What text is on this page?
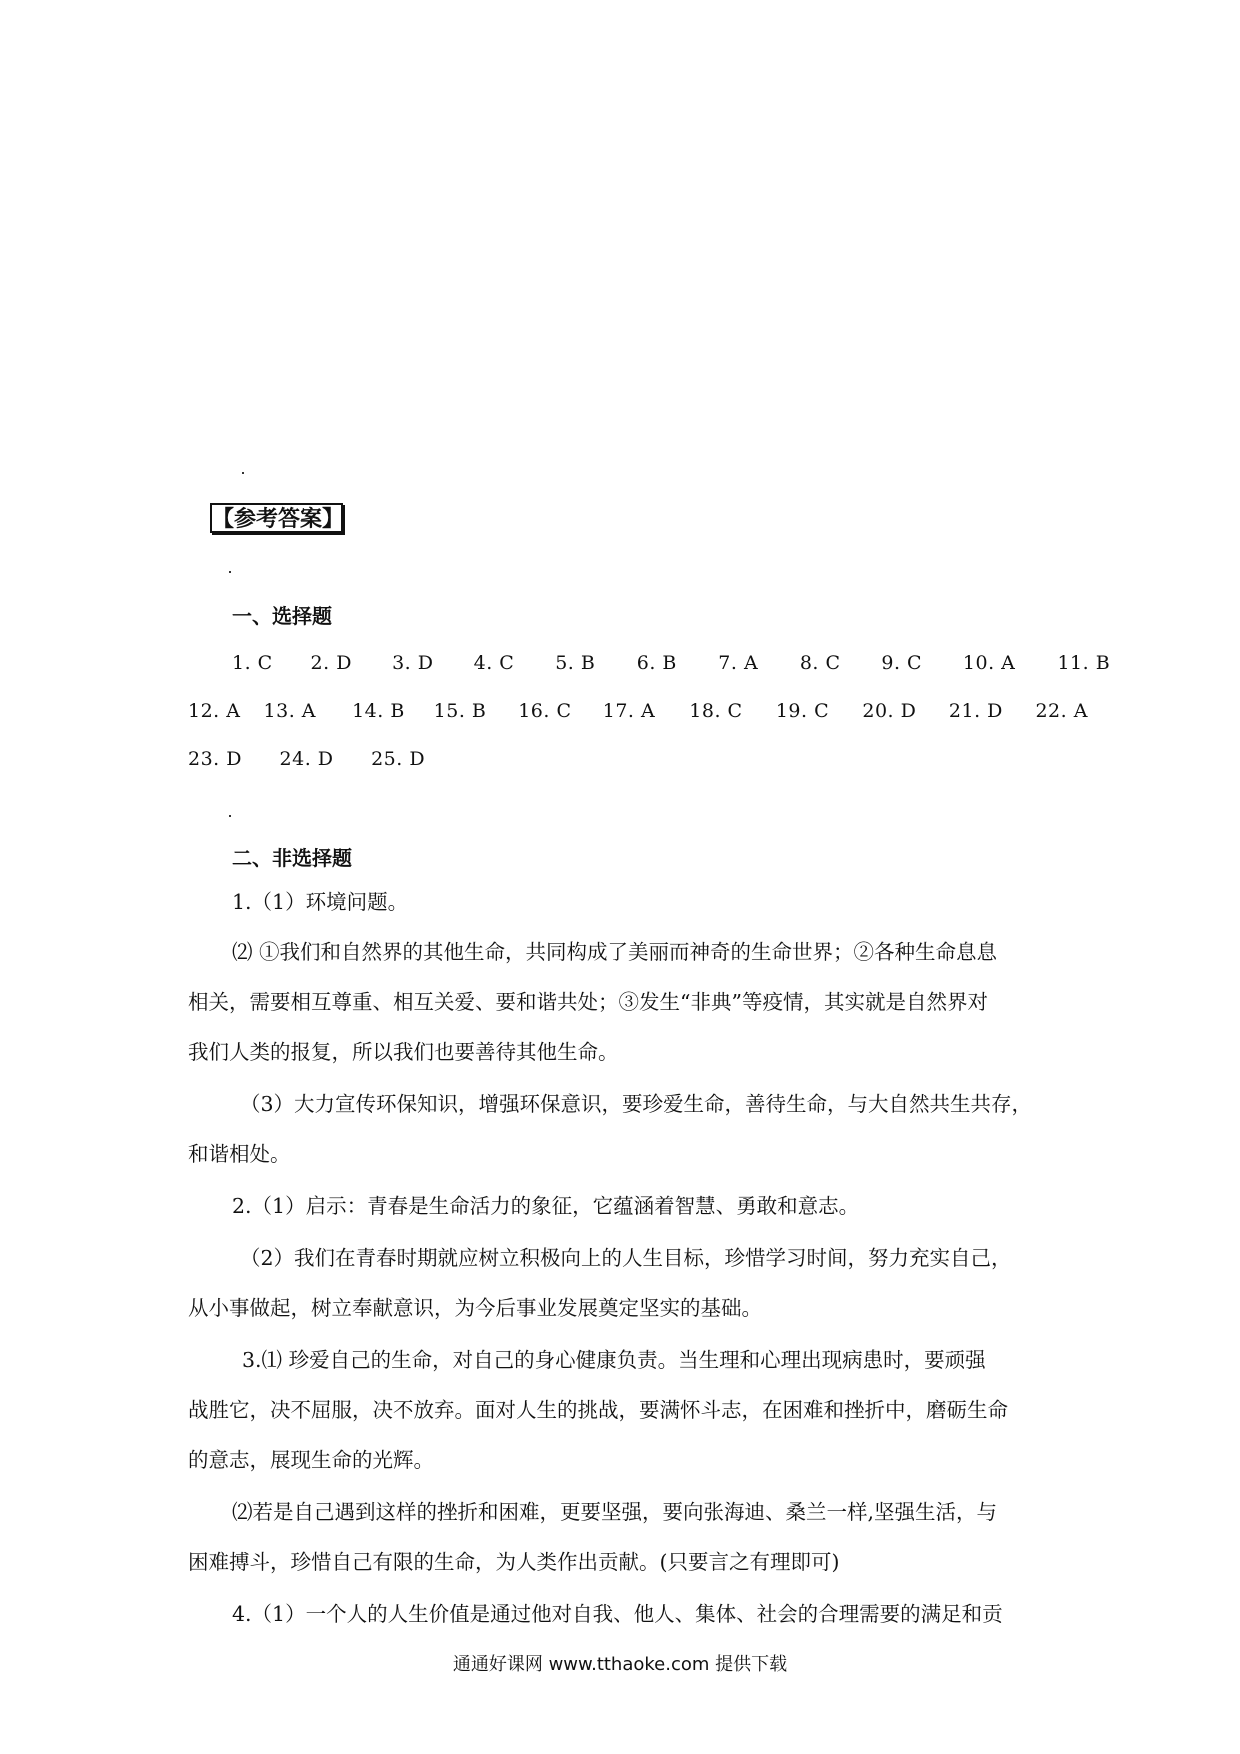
【参考答案】
一、选择题
1. C 2. D 3. D 4. C 5. B 6. B 7. A 8. C 9. C 10. A 11. B
12. A 13. A 14. B 15. B 16. C 17. A 18. C 19. C 20. D 21. D 22. A
23. D 24. D 25. D
二、非选择题
1.（1）环境问题。
⑵ ①我们和自然界的其他生命，共同构成了美丽而神奇的生命世界；②各种生命息息
相关，需要相互尊重、相互关爱、要和谐共处；③发生“非典”等疫情，其实就是自然界对
我们人类的报复，所以我们也要善待其他生命。
（3）大力宣传环保知识，增强环保意识，要珍爱生命，善待生命，与大自然共生共存，
和谐相处。
2.（1）启示：青春是生命活力的象征，它蕴涵着智慧、勇敢和意志。
（2）我们在青春时期就应树立积极向上的人生目标，珍惜学习时间，努力充实自己，
从小事做起，树立奉献意识，为今后事业发展奠定坚实的基础。
3.⑴ 珍爱自己的生命，对自己的身心健康负责。当生理和心理出现病患时，要顽强
战胜它，决不屈服，决不放弃。面对人生的挑战，要满怀斗志，在困难和挫折中，磨砺生命
的意志，展现生命的光辉。
⑵若是自己遇到这样的挫折和困难，更要坚强，要向张海迪、桑兰一样,坚强生活，与
困难搏斗，珍惜自己有限的生命，为人类作出贡献。(只要言之有理即可)
4.（1）一个人的人生价值是通过他对自我、他人、集体、社会的合理需要的满足和贡
通通好课网 www.tthaoke.com 提供下载
